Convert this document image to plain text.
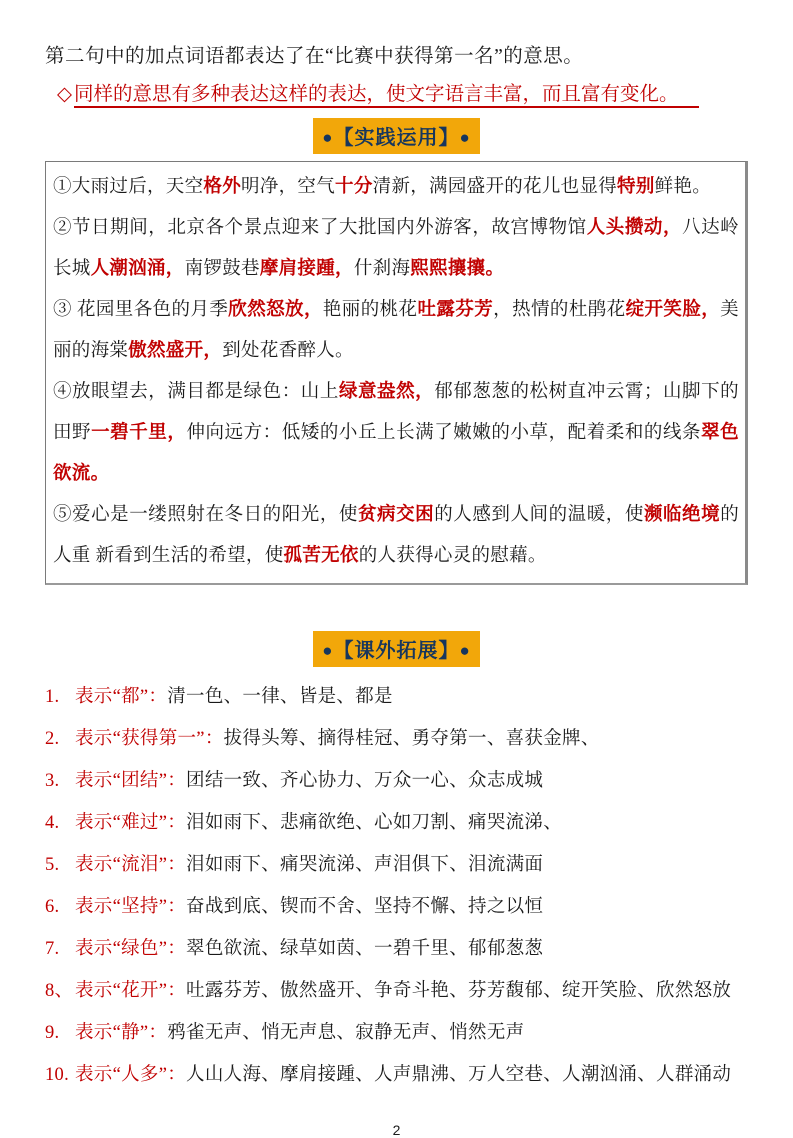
第二句中的加点词语都表达了在“比赛中获得第一名”的意思。

◇ 同样的意思有多种表达这样的表达，使文字语言丰富，而且富有变化。

●【实践运用】●

①大雨过后，天空格外明净，空气十分清新，满园盛开的花儿也显得特别鲜艳。

②节日期间，北京各个景点迎来了大批国内外游客，故宫博物馆人头攒动，八达岭长城人潮汹涌，南锣鼓巷摩肩接踵，什刹海熙熙攘攘。

③ 花园里各色的月季欣然怒放，艳丽的桃花吐露芬芳，热情的杜鹃花绽开笑脸，美丽的海棠傲然盛开，到处花香醉人。

④放眼望去，满目都是绿色：山上绿意盎然，郁郁葱葱的松树直冲云霄；山脚下的田野一碧千里，伸向远方：低矮的小丘上长满了嫩嫩的小草，配着柔和的线条翠色欲流。

⑤爱心是一缕照射在冬日的阳光，使贫病交困的人感到人间的温暖，使濒临绝境的人重 新看到生活的希望，使孤苦无依的人获得心灵的慰藉。

●【课外拓展】●
1. 表示“都”：清一色、一律、皆是、都是
2. 表示“获得第一”：拔得头筹、摘得桂冠、勇夺第一、喜获金牌、
3. 表示“团结”：团结一致、齐心协力、万众一心、众志成城
4. 表示“难过”：泪如雨下、悲痛欲绝、心如刀割、痛哭流涕、
5. 表示“流泪”：泪如雨下、痛哭流涕、声泪俱下、泪流满面
6. 表示“坚持”：奋战到底、锲而不舍、坚持不懈、持之以恒
7. 表示“绿色”：翠色欲流、绿草如茵、一碧千里、郁郁葱葱
8、表示“花开”：吐露芬芳、傲然盛开、争奇斗艳、芬芳馥郁、绽开笑脸、欣然怒放
9. 表示“静”：鸦雀无声、悄无声息、寂静无声、悄然无声
10. 表示“人多”：人山人海、摩肩接踵、人声鼎沸、万人空巷、人潮汹涌、人群涌动
2
